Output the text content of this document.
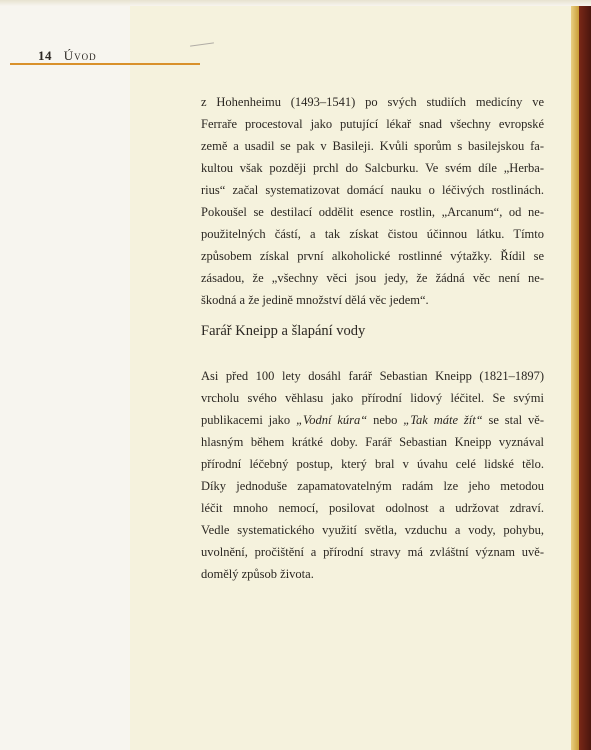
14 Úvod
z Hohenheimu (1493–1541) po svých studiích medicíny ve
Ferraře procestoval jako putující lékař snad všechny evropské
země a usadil se pak v Basileji. Kvůli sporům s basilejskou fa-
kultou však později prchl do Salcburku. Ve svém díle „Herba-
rius“ začal systematizovat domácí nauku o léčivých rostlinách.
Pokoušel se destilací oddělit esence rostlin, „Arcanum“, od ne-
použitelných částí, a tak získat čistou účinnou látku. Tímto
způsobem získal první alkoholické rostlinné výtažky. Řídil se
zásadou, že „všechny věci jsou jedy, že žádná věc není ne-
škodná a že jedině množství dělá věc jedem“.
Farář Kneipp a šlapání vody
Asi před 100 lety dosáhl farář Sebastian Kneipp (1821–1897)
vrcholu svého věhlasu jako přírodní lidový léčitel. Se svými
publikacemi jako „Vodní kúra“ nebo „Tak máte žít“ se stal vě-
hlasným během krátké doby. Farář Sebastian Kneipp vyznával
přírodní léčebný postup, který bral v úvahu celé lidské tělo.
Díky jednoduše zapamatovatelným radám lze jeho metodou
léčit mnoho nemocí, posilovat odolnost a udržovat zdraví.
Vedle systematického využití světla, vzduchu a vody, pohybu,
uvolnění, pročištění a přírodní stravy má zvláštní význam uvě-
domělý způsob života.
